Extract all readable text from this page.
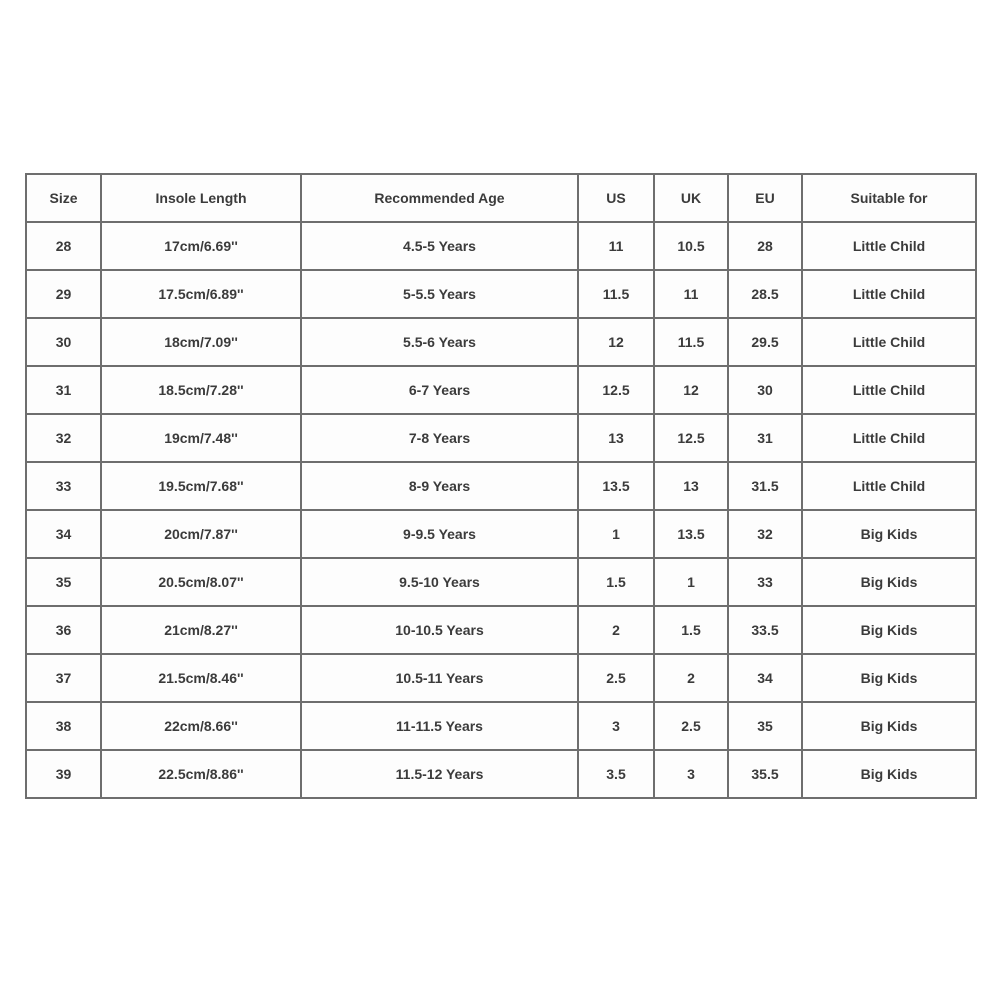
Size	Insole Length	Recommended Age	US	UK	EU	Suitable for
28	17cm/6.69''	4.5-5 Years	11	10.5	28	Little Child
29	17.5cm/6.89''	5-5.5 Years	11.5	11	28.5	Little Child
30	18cm/7.09''	5.5-6 Years	12	11.5	29.5	Little Child
31	18.5cm/7.28''	6-7 Years	12.5	12	30	Little Child
32	19cm/7.48''	7-8 Years	13	12.5	31	Little Child
33	19.5cm/7.68''	8-9 Years	13.5	13	31.5	Little Child
34	20cm/7.87''	9-9.5 Years	1	13.5	32	Big Kids
35	20.5cm/8.07''	9.5-10 Years	1.5	1	33	Big Kids
36	21cm/8.27''	10-10.5 Years	2	1.5	33.5	Big Kids
37	21.5cm/8.46''	10.5-11 Years	2.5	2	34	Big Kids
38	22cm/8.66''	11-11.5 Years	3	2.5	35	Big Kids
39	22.5cm/8.86''	11.5-12 Years	3.5	3	35.5	Big Kids
